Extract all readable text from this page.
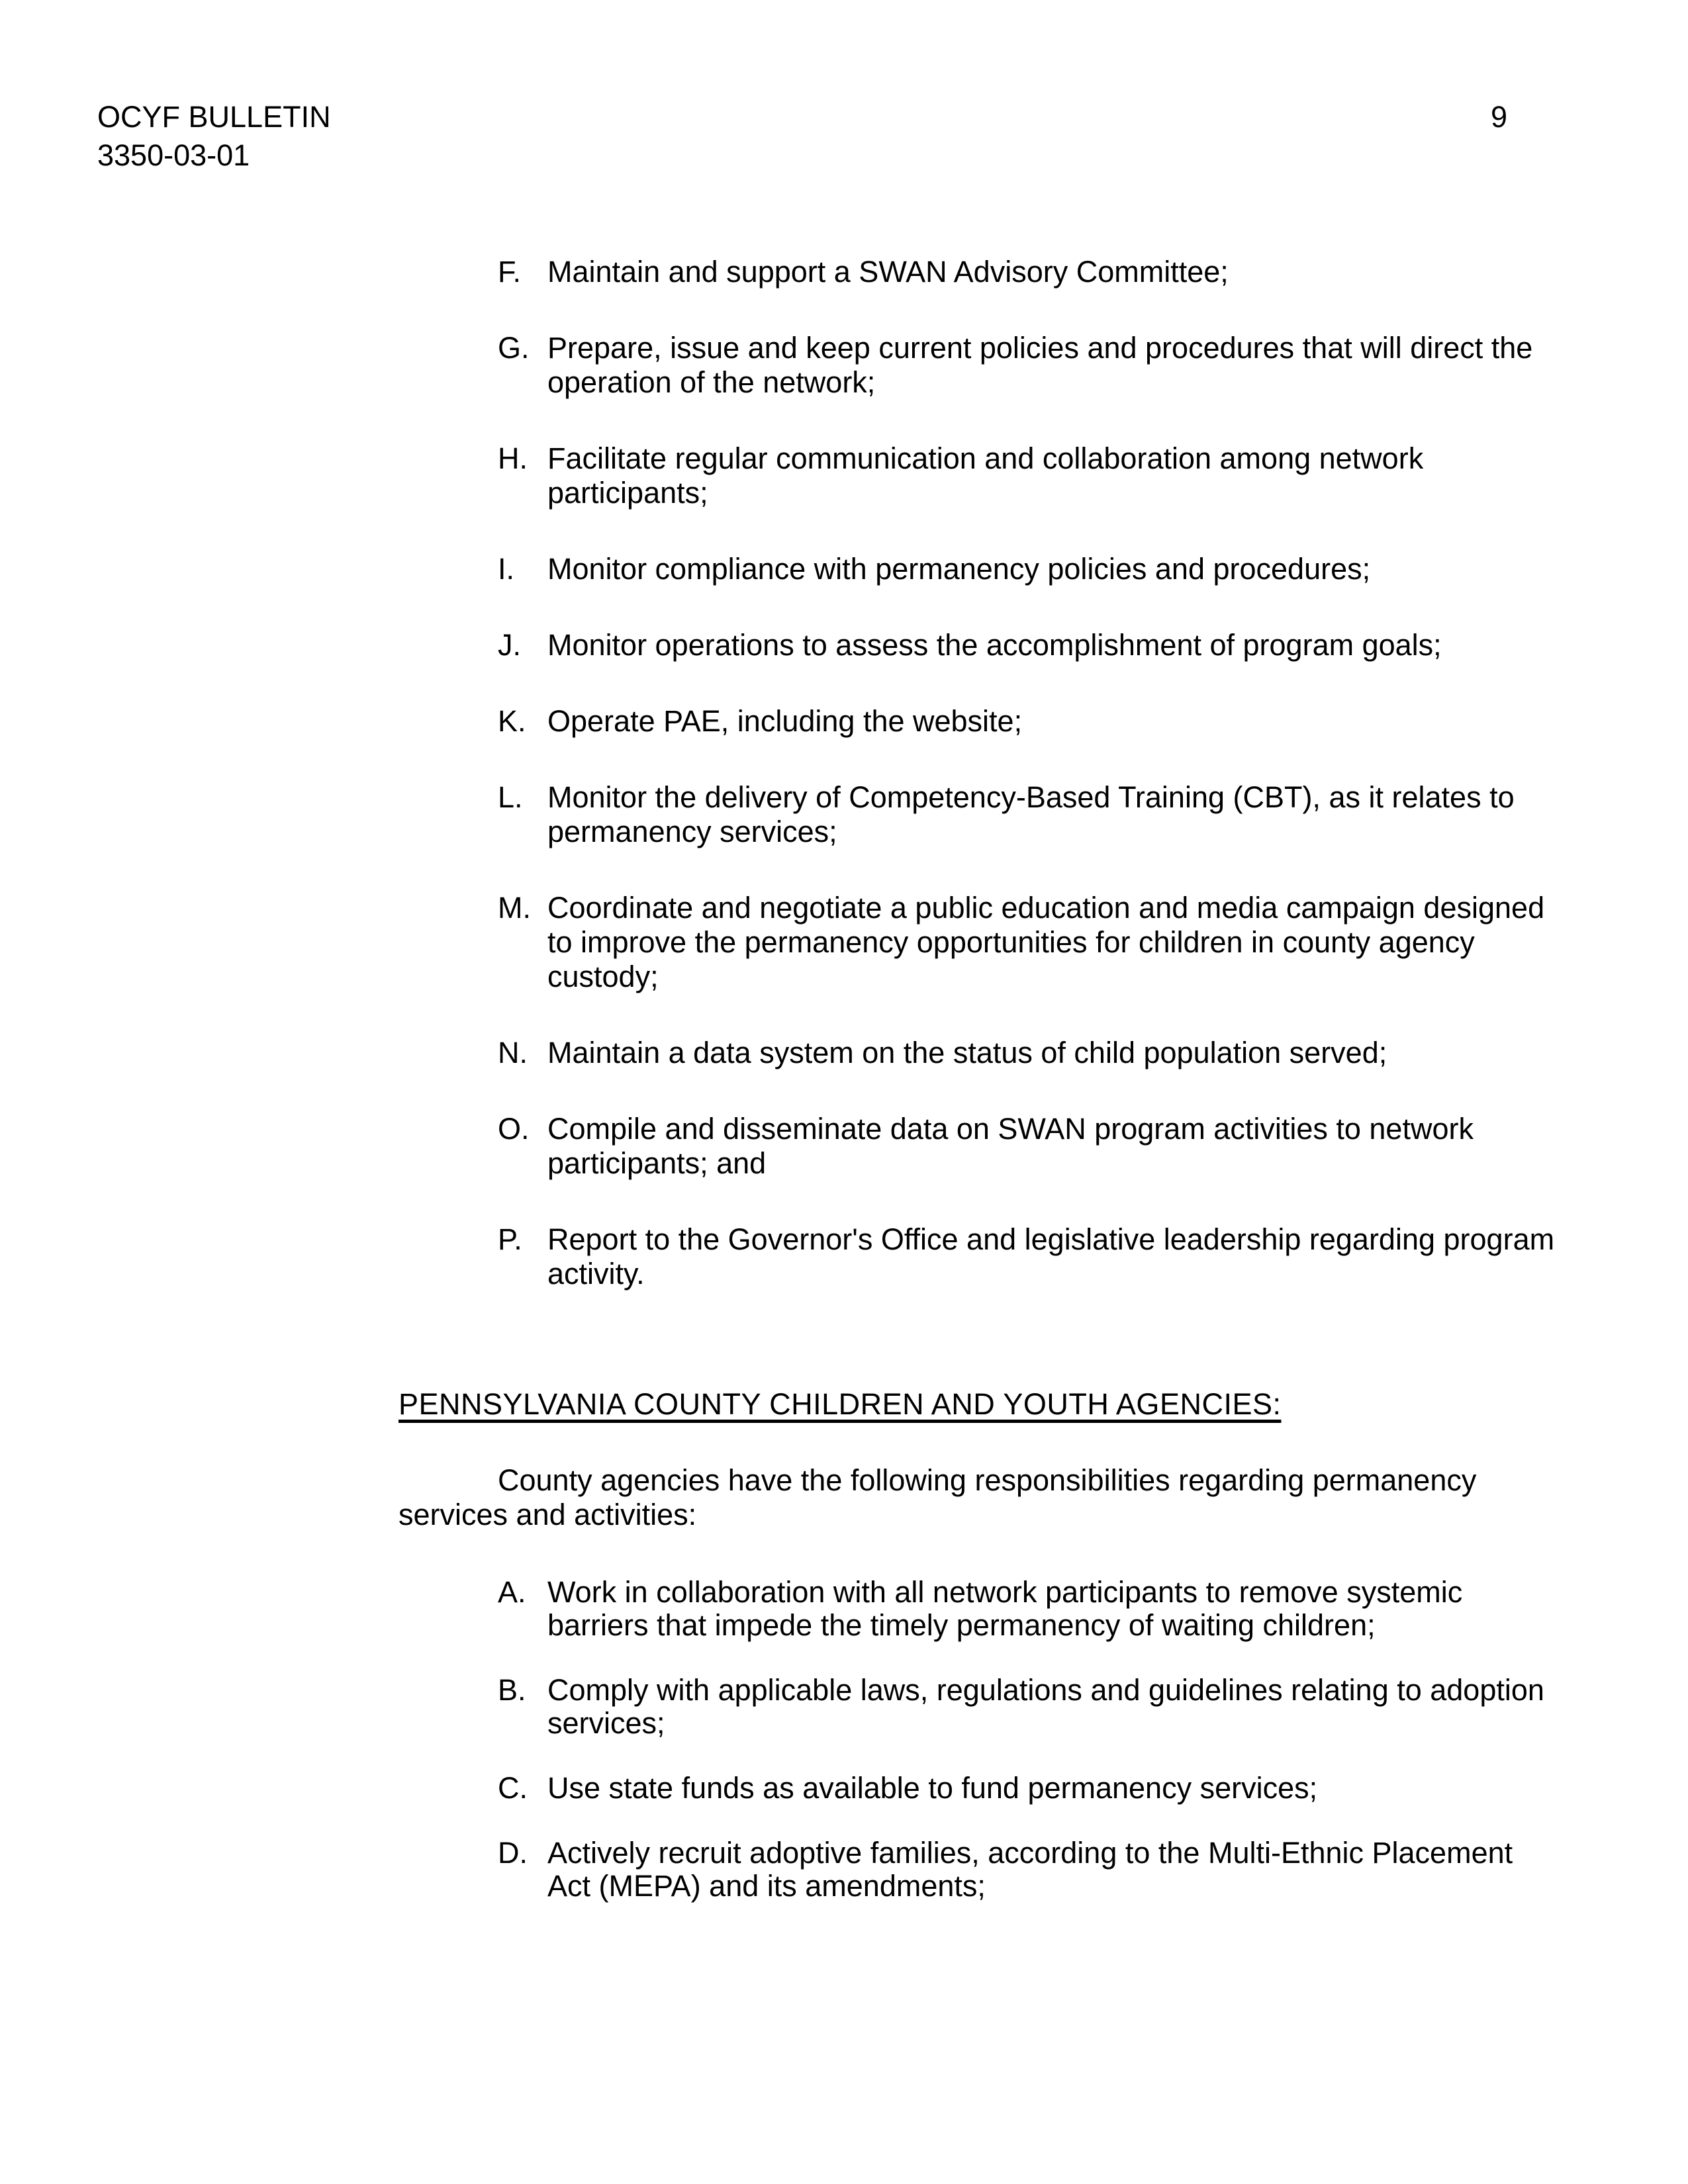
OCYF BULLETIN
3350-03-01
9
F. Maintain and support a SWAN Advisory Committee;
G. Prepare, issue and keep current policies and procedures that will direct the operation of the network;
H. Facilitate regular communication and collaboration among network participants;
I.	Monitor compliance with permanency policies and procedures;
J. Monitor operations to assess the accomplishment of program goals;
K. Operate PAE, including the website;
L. Monitor the delivery of Competency-Based Training (CBT), as it relates to permanency services;
M. Coordinate and negotiate a public education and media campaign designed to improve the permanency opportunities for children in county agency custody;
N. Maintain a data system on the status of child population served;
O. Compile and disseminate data on SWAN program activities to network participants; and
P. Report to the Governor's Office and legislative leadership regarding program activity.
PENNSYLVANIA COUNTY CHILDREN AND YOUTH AGENCIES:

County agencies have the following responsibilities regarding permanency services and activities:

A. Work in collaboration with all network participants to remove systemic barriers that impede the timely permanency of waiting children;
B. Comply with applicable laws, regulations and guidelines relating to adoption services;
C. Use state funds as available to fund permanency services;
D. Actively recruit adoptive families, according to the Multi-Ethnic Placement Act (MEPA) and its amendments;
